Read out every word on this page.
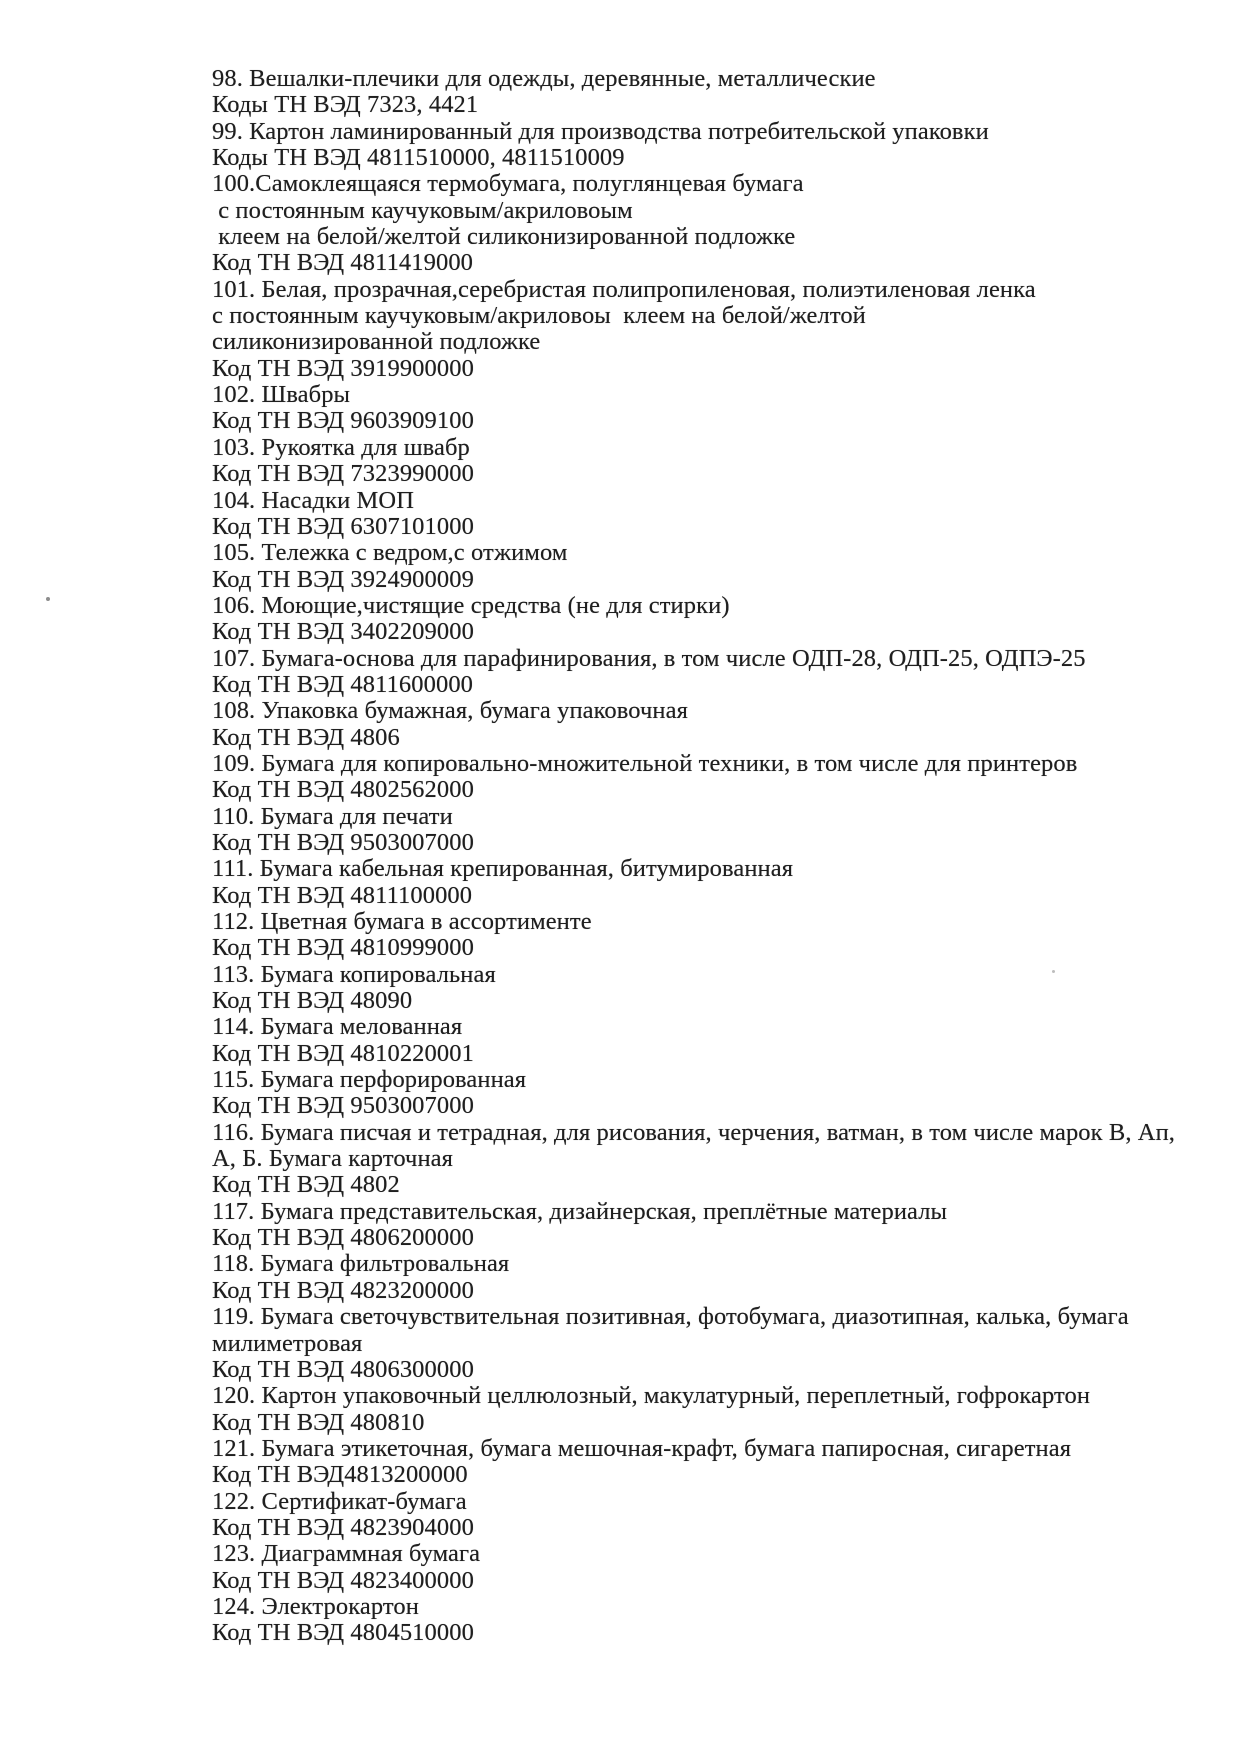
98. Вешалки-плечики для одежды, деревянные, металлические
Коды ТН ВЭД 7323, 4421
99. Картон ламинированный для производства потребительской упаковки
Коды ТН ВЭД 4811510000, 4811510009
100.Самоклеящаяся термобумага, полуглянцевая бумага
с постоянным каучуковым/акриловоым
клеем на белой/желтой силиконизированной подложке
Код ТН ВЭД 4811419000
101. Белая, прозрачная,серебристая полипропиленовая, полиэтиленовая ленка
с постоянным каучуковым/акриловоы  клеем на белой/желтой
силиконизированной подложке
Код ТН ВЭД 3919900000
102. Швабры
Код ТН ВЭД 9603909100
103. Рукоятка для швабр
Код ТН ВЭД 7323990000
104. Насадки МОП
Код ТН ВЭД 6307101000
105. Тележка с ведром,с отжимом
Код ТН ВЭД 3924900009
106. Моющие,чистящие средства (не для стирки)
Код ТН ВЭД 3402209000
107. Бумага-основа для парафинирования, в том числе ОДП-28, ОДП-25, ОДПЭ-25
Код ТН ВЭД 4811600000
108. Упаковка бумажная, бумага упаковочная
Код ТН ВЭД 4806
109. Бумага для копировально-множительной техники, в том числе для принтеров
Код ТН ВЭД 4802562000
110. Бумага для печати
Код ТН ВЭД 9503007000
111. Бумага кабельная крепированная, битумированная
Код ТН ВЭД 4811100000
112. Цветная бумага в ассортименте
Код ТН ВЭД 4810999000
113. Бумага копировальная
Код ТН ВЭД 48090
114. Бумага мелованная
Код ТН ВЭД 4810220001
115. Бумага перфорированная
Код ТН ВЭД 9503007000
116. Бумага писчая и тетрадная, для рисования, черчения, ватман, в том числе марок В, Ап,
А, Б. Бумага карточная
Код ТН ВЭД 4802
117. Бумага представительская, дизайнерская, преплётные материалы
Код ТН ВЭД 4806200000
118. Бумага фильтровальная
Код ТН ВЭД 4823200000
119. Бумага светочувствительная позитивная, фотобумага, диазотипная, калька, бумага
милиметровая
Код ТН ВЭД 4806300000
120. Картон упаковочный целлюлозный, макулатурный, переплетный, гофрокартон
Код ТН ВЭД 480810
121. Бумага этикеточная, бумага мешочная-крафт, бумага папиросная, сигаретная
Код ТН ВЭД4813200000
122. Сертификат-бумага
Код ТН ВЭД 4823904000
123. Диаграммная бумага
Код ТН ВЭД 4823400000
124. Электрокартон
Код ТН ВЭД 4804510000
